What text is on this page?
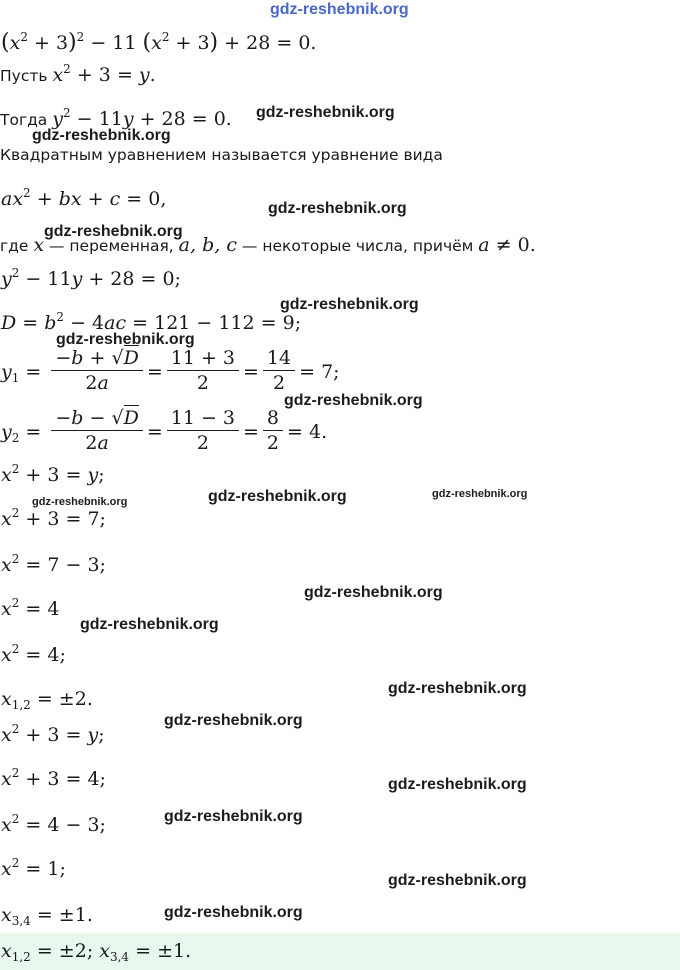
gdz-reshebnik.org
gdz-reshebnik.org
gdz-reshebnik.org
gdz-reshebnik.org
gdz-reshebnik.org
gdz-reshebnik.org
gdz-reshebnik.org
gdz-reshebnik.org
gdz-reshebnik.org	gdz-reshebnik.org	gdz-reshebnik.org
gdz-reshebnik.org
gdz-reshebnik.org
gdz-reshebnik.org
gdz-reshebnik.org
gdz-reshebnik.org
gdz-reshebnik.org
gdz-reshebnik.org
gdz-reshebnik.org
$(x^2 + 3)^2 - 11$ $(x^2 + 3) + 28 = 0$.
Пусть $x^2 + 3 = y$.
Тогда $y^2 - 11y + 28 = 0$.
Квадратным уравнением называется уравнение вида
$ax^2$ + bx + c = 0,
где x — переменная, a, b, c — некоторые числа, причём a ≠ 0.
$y^2 - 11y + 28 = 0$;
$D = b^2 - 4ac = 121 - 112 = 9$;
$y_1 = \frac{-b + √D}{2a} = \frac{11 + 3}{2} = \frac{14}{2} = 7$;
$y_2 = \frac{-b - √D}{2a} = \frac{11 - 3}{2} = \frac{8}{2} = 4$.
$x^2 + 3 = y$;
$x^2 + 3 = 7$;
$x^2 = 7 - 3$;
$x^2 = 4$
$x^2 = 4$;
$x_{1,2} = \pm 2$.
$x^2 + 3 = y$;
$x^2 + 3 = 4$;
$x^2 = 4 - 3$;
$x^2 = 1$;
$x_{3,4} = \pm 1$.
$x_{1,2} = \pm 2$; $x_{3,4} = \pm 1$.
